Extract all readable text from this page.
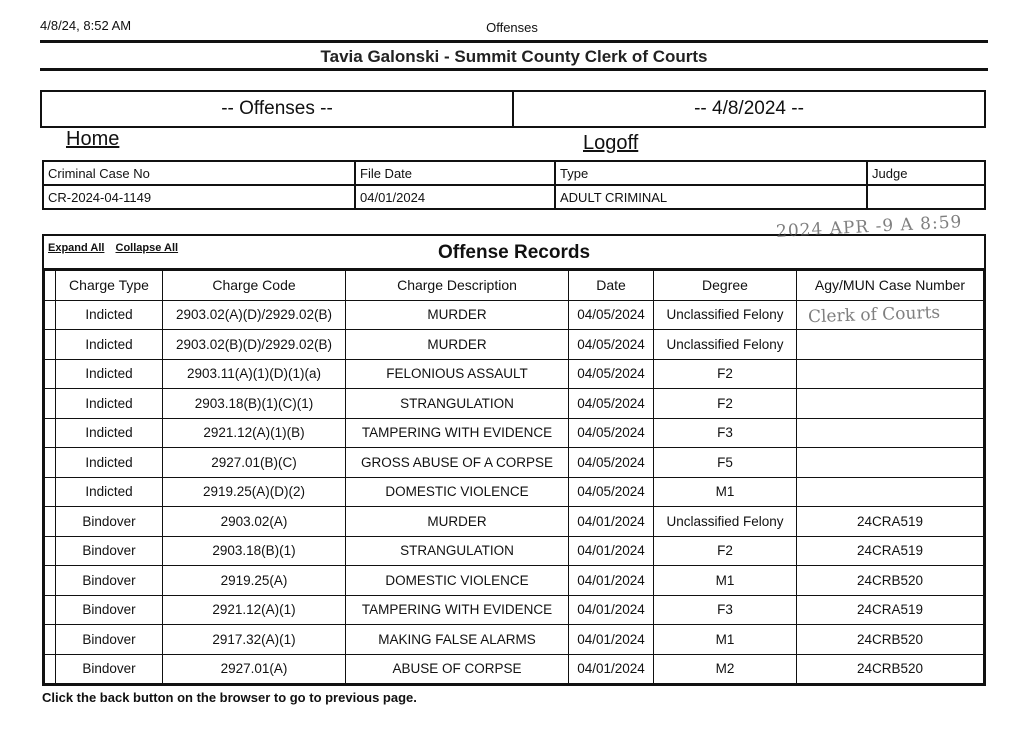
4/8/24, 8:52 AM	Offenses
Tavia Galonski - Summit County Clerk of Courts
-- Offenses --	-- 4/8/2024 --
Home	Logoff
Criminal Case No	File Date	Type	Judge
CR-2024-04-1149	04/01/2024	ADULT CRIMINAL	
Expand All Collapse All	Offense Records
	Charge Type	Charge Code	Charge Description	Date	Degree	Agy/MUN Case Number
	Indicted	2903.02(A)(D)/2929.02(B)	MURDER	04/05/2024	Unclassified Felony	
	Indicted	2903.02(B)(D)/2929.02(B)	MURDER	04/05/2024	Unclassified Felony	
	Indicted	2903.11(A)(1)(D)(1)(a)	FELONIOUS ASSAULT	04/05/2024	F2	
	Indicted	2903.18(B)(1)(C)(1)	STRANGULATION	04/05/2024	F2	
	Indicted	2921.12(A)(1)(B)	TAMPERING WITH EVIDENCE	04/05/2024	F3	
	Indicted	2927.01(B)(C)	GROSS ABUSE OF A CORPSE	04/05/2024	F5	
	Indicted	2919.25(A)(D)(2)	DOMESTIC VIOLENCE	04/05/2024	M1	
	Bindover	2903.02(A)	MURDER	04/01/2024	Unclassified Felony	24CRA519
	Bindover	2903.18(B)(1)	STRANGULATION	04/01/2024	F2	24CRA519
	Bindover	2919.25(A)	DOMESTIC VIOLENCE	04/01/2024	M1	24CRB520
	Bindover	2921.12(A)(1)	TAMPERING WITH EVIDENCE	04/01/2024	F3	24CRA519
	Bindover	2917.32(A)(1)	MAKING FALSE ALARMS	04/01/2024	M1	24CRB520
	Bindover	2927.01(A)	ABUSE OF CORPSE	04/01/2024	M2	24CRB520
Click the back button on the browser to go to previous page.
2024 APR -9 A 8:59
Clerk of Courts
